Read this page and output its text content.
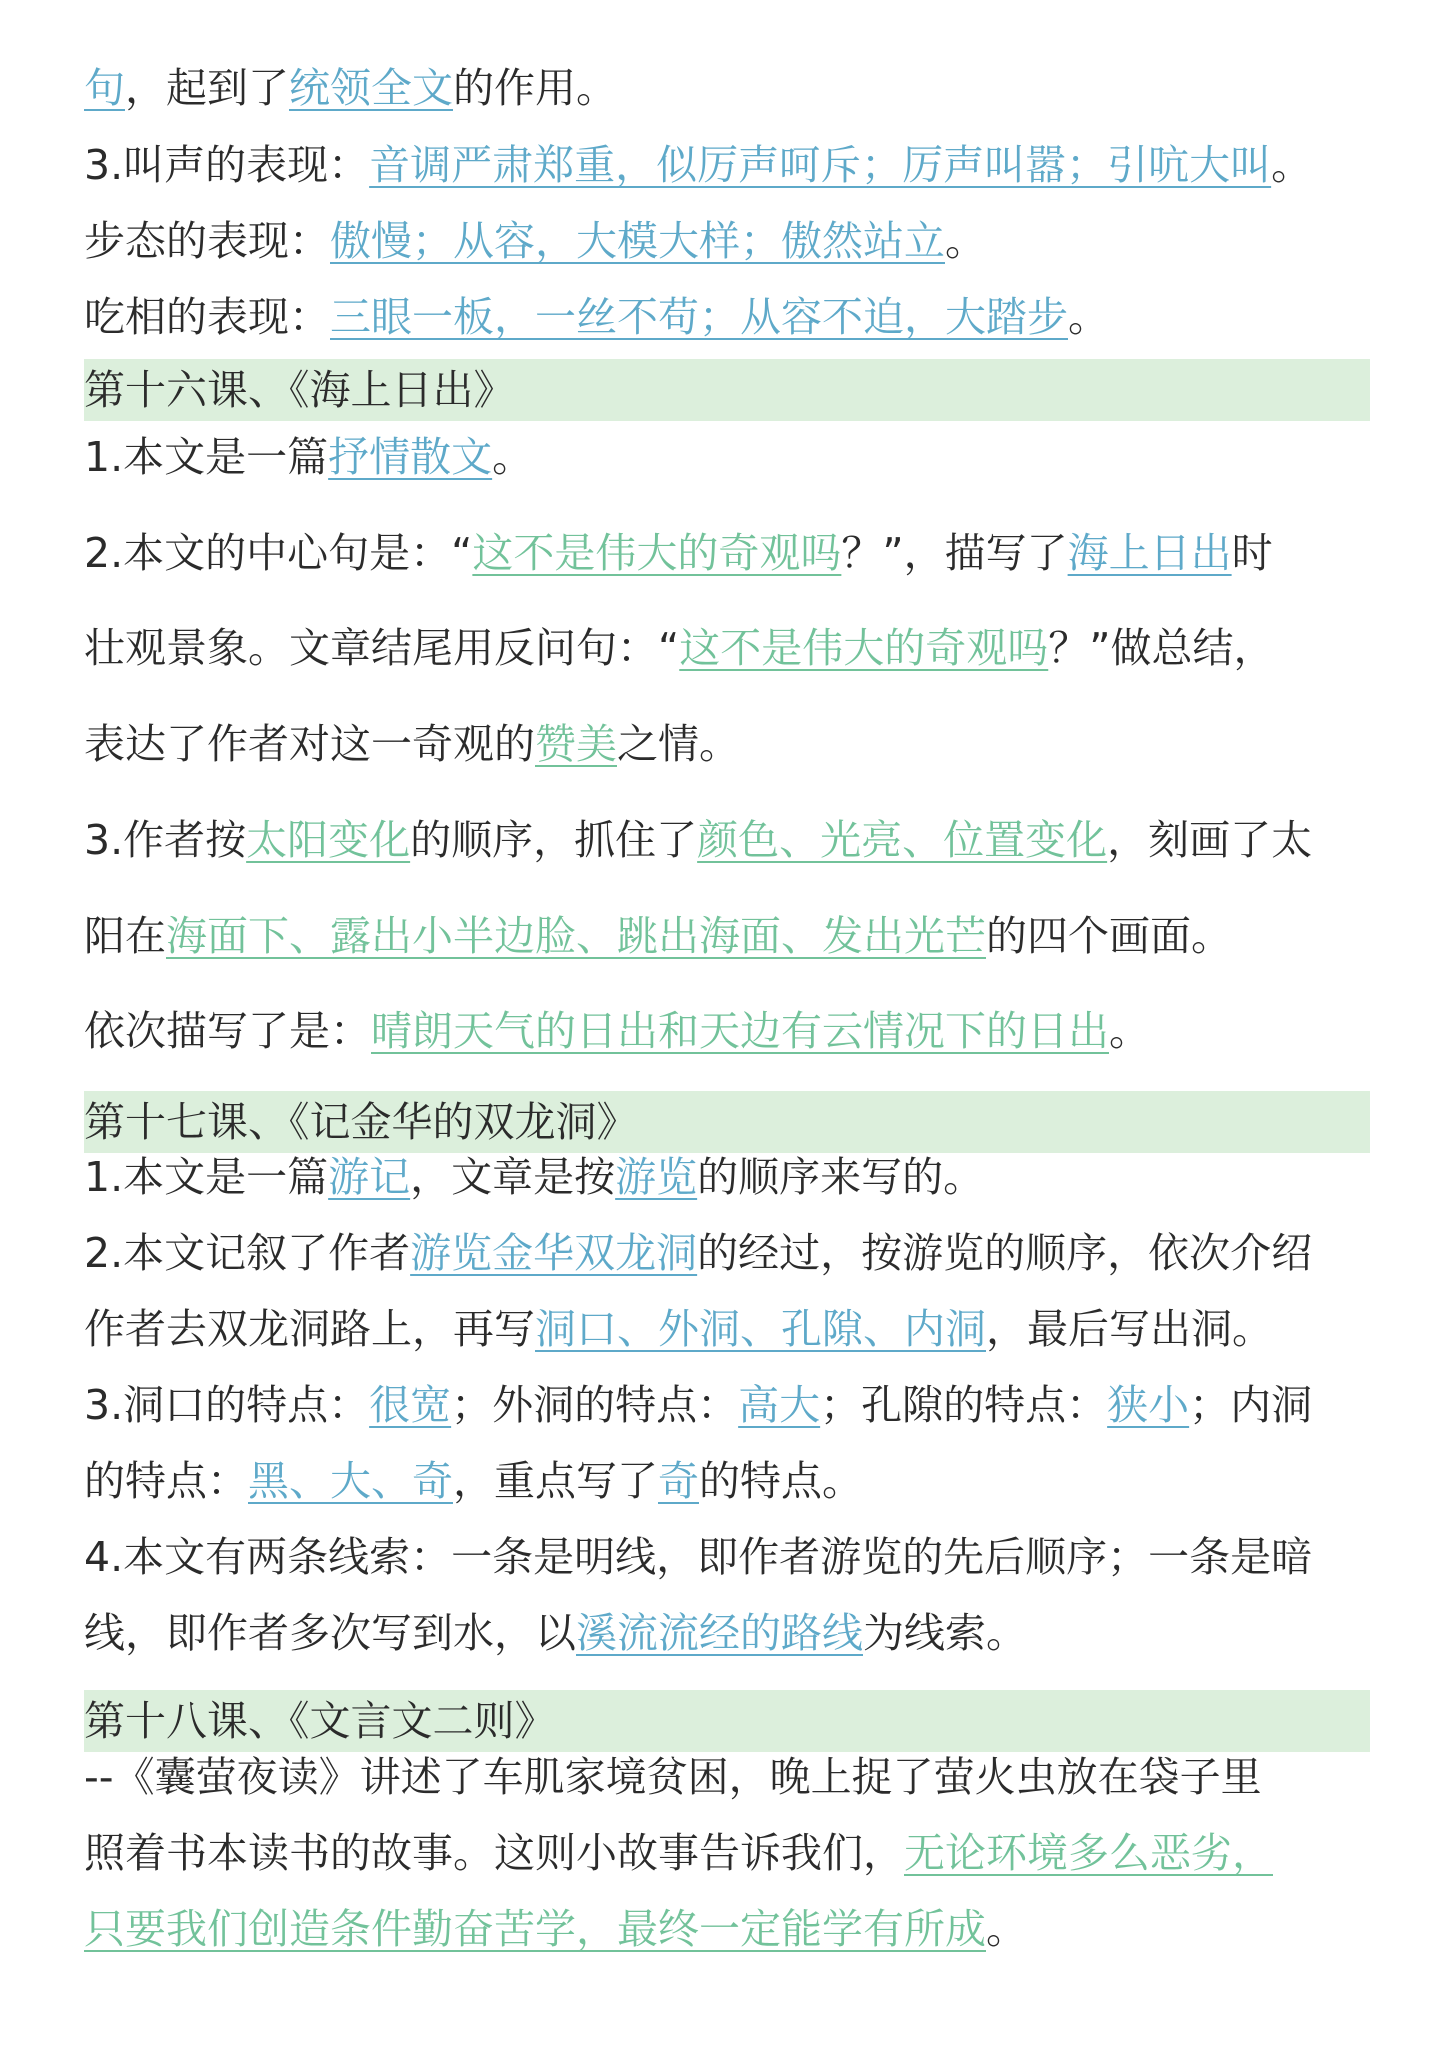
第十六课、《海上日出》
第十七课、《记金华的双龙洞》
第十八课、《文言文二则》
句，起到了统领全文的作用。
3.叫声的表现：音调严肃郑重，似厉声呵斥；厉声叫嚣；引吭大叫。
步态的表现：傲慢；从容，大模大样；傲然站立。
吃相的表现：三眼一板，一丝不苟；从容不迫，大踏步。
1.本文是一篇抒情散文。
2.本文的中心句是：“这不是伟大的奇观吗？”，描写了海上日出时
壮观景象。文章结尾用反问句：“这不是伟大的奇观吗？”做总结，
表达了作者对这一奇观的赞美之情。
3.作者按太阳变化的顺序，抓住了颜色、光亮、位置变化，刻画了太
阳在海面下、露出小半边脸、跳出海面、发出光芒的四个画面。
依次描写了是：晴朗天气的日出和天边有云情况下的日出。
1.本文是一篇游记，文章是按游览的顺序来写的。
2.本文记叙了作者游览金华双龙洞的经过，按游览的顺序，依次介绍
作者去双龙洞路上，再写洞口、外洞、孔隙、内洞，最后写出洞。
3.洞口的特点：很宽；外洞的特点：高大；孔隙的特点：狭小；内洞
的特点：黑、大、奇，重点写了奇的特点。
4.本文有两条线索：一条是明线，即作者游览的先后顺序；一条是暗
线，即作者多次写到水，以溪流流经的路线为线索。
--《囊萤夜读》讲述了车肌家境贫困，晚上捉了萤火虫放在袋子里
照着书本读书的故事。这则小故事告诉我们，无论环境多么恶劣，
只要我们创造条件勤奋苦学，最终一定能学有所成。
